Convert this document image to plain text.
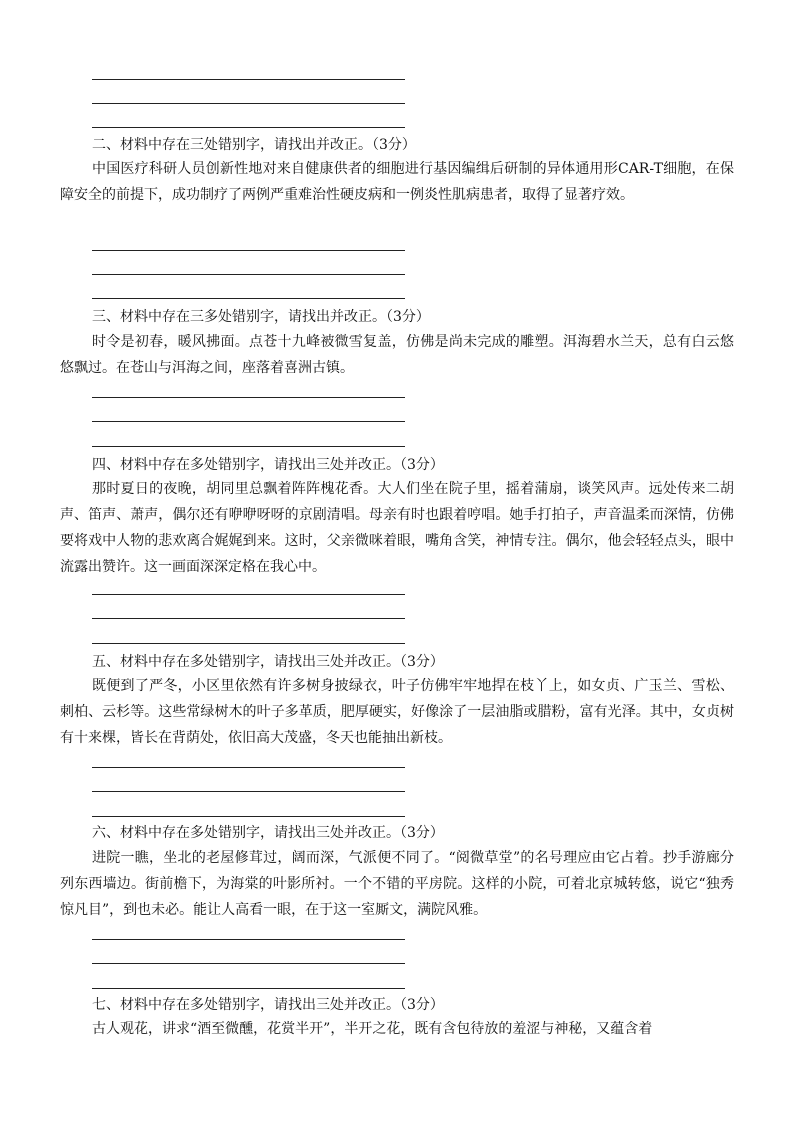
二、材料中存在三处错别字，请找出并改正。（3分）
中国医疗科研人员创新性地对来自健康供者的细胞进行基因编缉后研制的异体通用形CAR-T细胞，在保障安全的前提下，成功制疗了两例严重难治性硬皮病和一例炎性肌病患者，取得了显著疗效。
三、材料中存在三多处错别字，请找出并改正。（3分）
时令是初春，暖风拂面。点苍十九峰被微雪复盖，仿佛是尚未完成的雕塑。洱海碧水兰天，总有白云悠悠飘过。在苍山与洱海之间，座落着喜洲古镇。
四、材料中存在多处错别字，请找出三处并改正。（3分）
那时夏日的夜晚，胡同里总飘着阵阵槐花香。大人们坐在院子里，摇着蒲扇，谈笑风声。远处传来二胡声、笛声、萧声，偶尔还有咿咿呀呀的京剧清唱。母亲有时也跟着哼唱。她手打拍子，声音温柔而深情，仿佛要将戏中人物的悲欢离合娓娓到来。这时，父亲微咪着眼，嘴角含笑，神情专注。偶尔，他会轻轻点头，眼中流露出赞许。这一画面深深定格在我心中。
五、材料中存在多处错别字，请找出三处并改正。（3分）
既便到了严冬，小区里依然有许多树身披绿衣，叶子仿佛牢牢地捍在枝丫上，如女贞、广玉兰、雪松、刺柏、云杉等。这些常绿树木的叶子多革质，肥厚硬实，好像涂了一层油脂或腊粉，富有光泽。其中，女贞树有十来棵，皆长在背荫处，依旧高大茂盛，冬天也能抽出新枝。
六、材料中存在多处错别字，请找出三处并改正。（3分）
进院一瞧，坐北的老屋修茸过，阔而深，气派便不同了。“阅微草堂”的名号理应由它占着。抄手游廊分列东西墙边。街前檐下，为海棠的叶影所衬。一个不错的平房院。这样的小院，可着北京城转悠，说它“独秀惊凡目”，到也未必。能让人高看一眼，在于这一室厮文，满院风雅。
七、材料中存在多处错别字，请找出三处并改正。（3分）
古人观花，讲求“酒至微醺，花赏半开”，半开之花，既有含包待放的羞涩与神秘，又蕴含着
